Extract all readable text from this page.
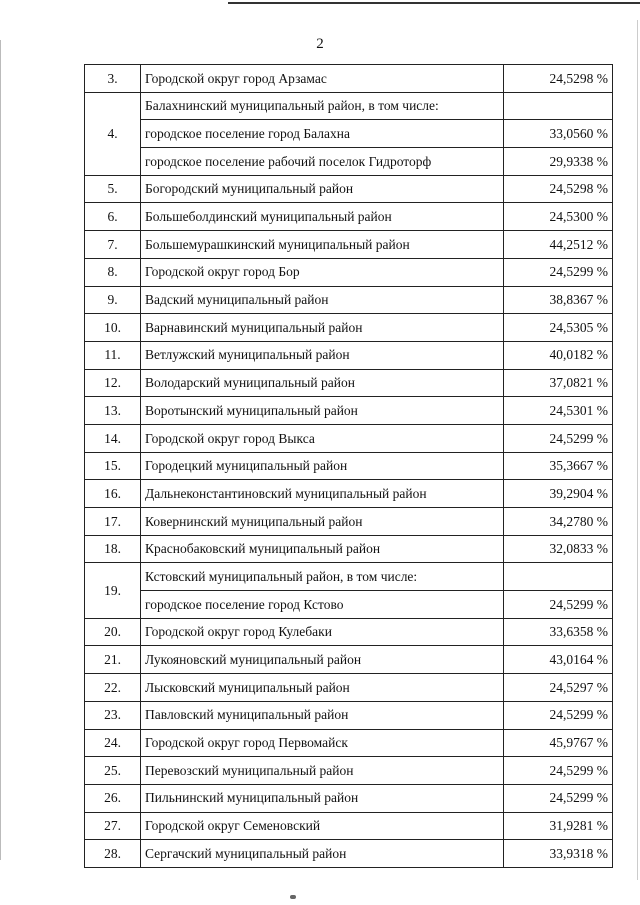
2
3.	Городской округ город Арзамас	24,5298 %
4.	Балахнинский муниципальный район, в том числе:	
	городское поселение город Балахна	33,0560 %
	городское поселение рабочий поселок Гидроторф	29,9338 %
5.	Богородский муниципальный район	24,5298 %
6.	Большеболдинский муниципальный район	24,5300 %
7.	Большемурашкинский муниципальный район	44,2512 %
8.	Городской округ город Бор	24,5299 %
9.	Вадский муниципальный район	38,8367 %
10.	Варнавинский муниципальный район	24,5305 %
11.	Ветлужский муниципальный район	40,0182 %
12.	Володарский муниципальный район	37,0821 %
13.	Воротынский муниципальный район	24,5301 %
14.	Городской округ город Выкса	24,5299 %
15.	Городецкий муниципальный район	35,3667 %
16.	Дальнеконстантиновский муниципальный район	39,2904 %
17.	Ковернинский муниципальный район	34,2780 %
18.	Краснобаковский муниципальный район	32,0833 %
19.	Кстовский муниципальный район, в том числе:	
	городское поселение город Кстово	24,5299 %
20.	Городской округ город Кулебаки	33,6358 %
21.	Лукояновский муниципальный район	43,0164 %
22.	Лысковский муниципальный район	24,5297 %
23.	Павловский муниципальный район	24,5299 %
24.	Городской округ город Первомайск	45,9767 %
25.	Перевозский муниципальный район	24,5299 %
26.	Пильнинский муниципальный район	24,5299 %
27.	Городской округ Семеновский	31,9281 %
28.	Сергачский муниципальный район	33,9318 %
